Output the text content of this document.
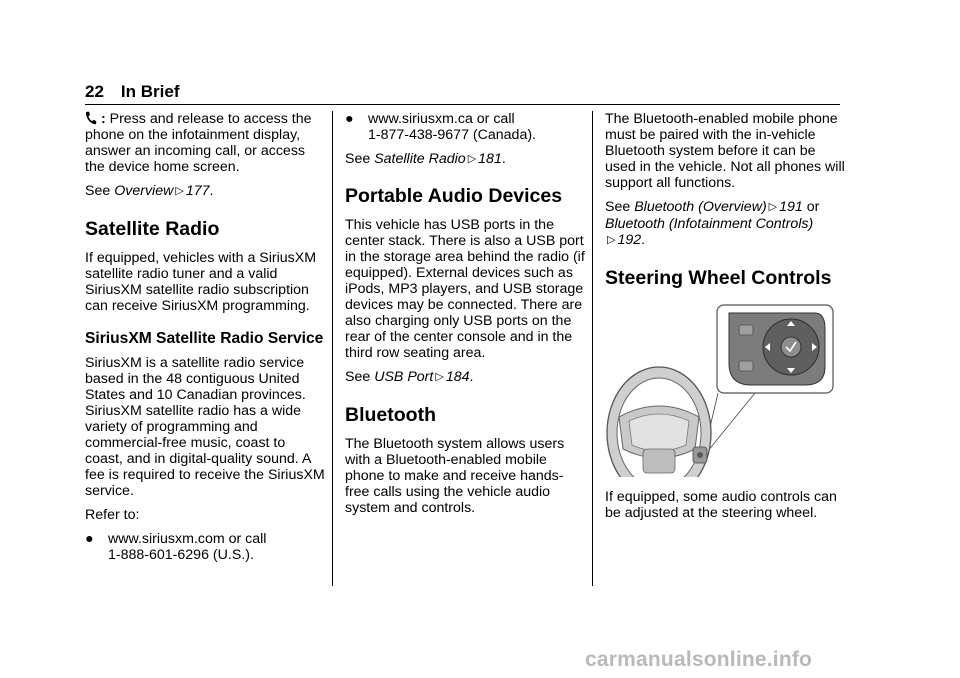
22 In Brief

: Press and release to access the phone on the infotainment display, answer an incoming call, or access the device home screen.

See Overview ▷ 177.

Satellite Radio

If equipped, vehicles with a SiriusXM satellite radio tuner and a valid SiriusXM satellite radio subscription can receive SiriusXM programming.

SiriusXM Satellite Radio Service

SiriusXM is a satellite radio service based in the 48 contiguous United States and 10 Canadian provinces. SiriusXM satellite radio has a wide variety of programming and commercial-free music, coast to coast, and in digital-quality sound. A fee is required to receive the SiriusXM service.

Refer to:

●	www.siriusxm.com or call
1-888-601-6296 (U.S.).
●	www.siriusxm.ca or call
1-877-438-9677 (Canada).

See Satellite Radio ▷ 181.

Portable Audio Devices

This vehicle has USB ports in the center stack. There is also a USB port in the storage area behind the radio (if equipped). External devices such as iPods, MP3 players, and USB storage devices may be connected. There are also charging only USB ports on the rear of the center console and in the third row seating area.

See USB Port ▷ 184.

Bluetooth

The Bluetooth system allows users with a Bluetooth-enabled mobile phone to make and receive hands-free calls using the vehicle audio system and controls.

The Bluetooth-enabled mobile phone must be paired with the in-vehicle Bluetooth system before it can be used in the vehicle. Not all phones will support all functions.

See Bluetooth (Overview) ▷ 191 or Bluetooth (Infotainment Controls)
▷ 192.

Steering Wheel Controls

If equipped, some audio controls can be adjusted at the steering wheel.

carmanualsonline.info
